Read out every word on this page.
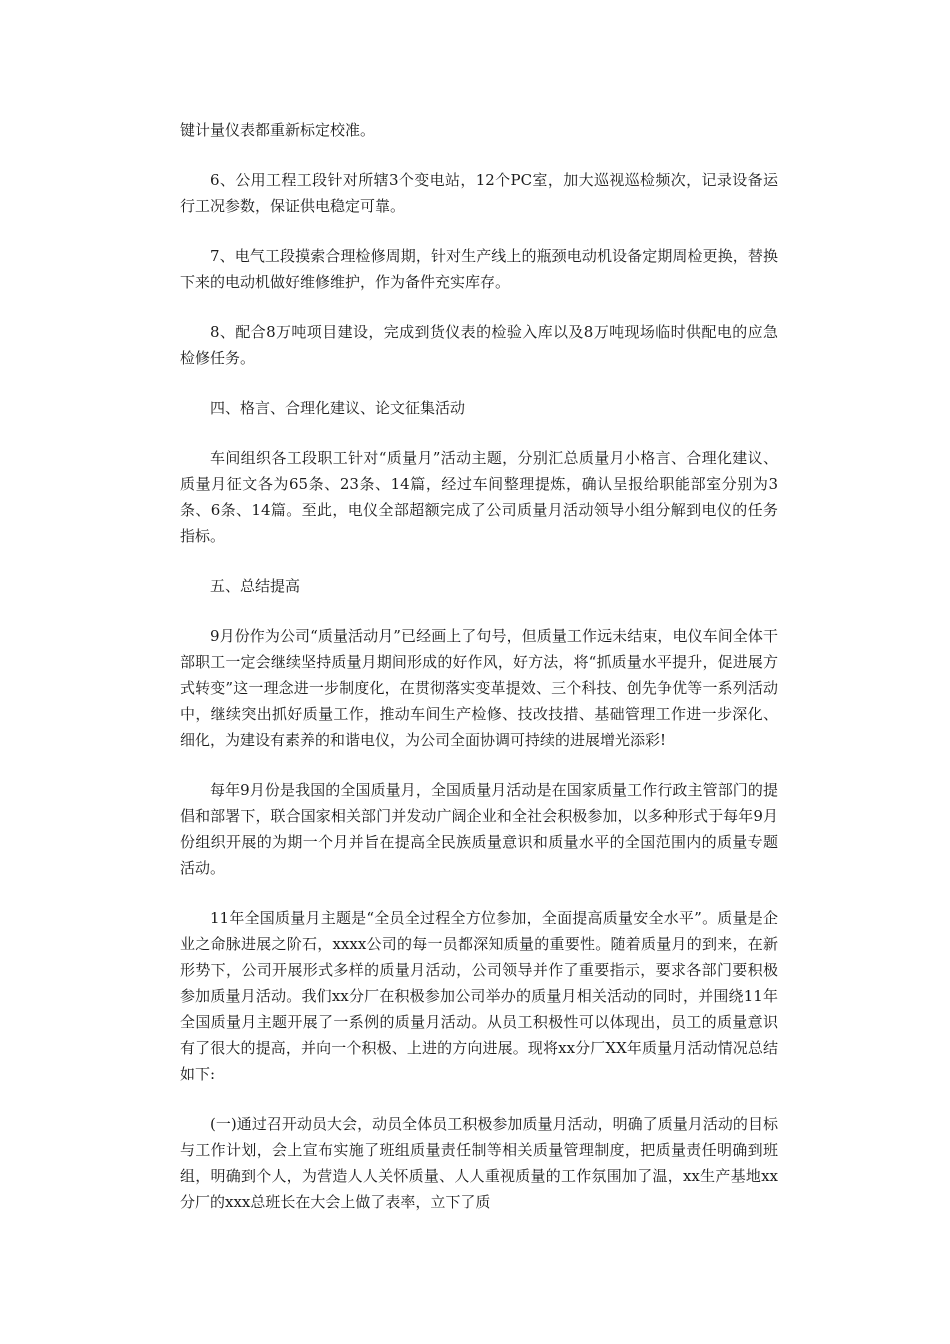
键计量仪表都重新标定校准。

6、公用工程工段针对所辖3个变电站，12个PC室，加大巡视巡检频次，记录设备运行工况参数，保证供电稳定可靠。

7、电气工段摸索合理检修周期，针对生产线上的瓶颈电动机设备定期周检更换，替换下来的电动机做好维修维护，作为备件充实库存。

8、配合8万吨项目建设，完成到货仪表的检验入库以及8万吨现场临时供配电的应急检修任务。

四、格言、合理化建议、论文征集活动

车间组织各工段职工针对“质量月”活动主题，分别汇总质量月小格言、合理化建议、质量月征文各为65条、23条、14篇，经过车间整理提炼，确认呈报给职能部室分别为3条、6条、14篇。至此，电仪全部超额完成了公司质量月活动领导小组分解到电仪的任务指标。

五、总结提高

9月份作为公司“质量活动月”已经画上了句号，但质量工作远未结束，电仪车间全体干部职工一定会继续坚持质量月期间形成的好作风，好方法，将“抓质量水平提升，促进展方式转变”这一理念进一步制度化，在贯彻落实变革提效、三个科技、创先争优等一系列活动中，继续突出抓好质量工作，推动车间生产检修、技改技措、基础管理工作进一步深化、细化，为建设有素养的和谐电仪，为公司全面协调可持续的进展增光添彩!

每年9月份是我国的全国质量月，全国质量月活动是在国家质量工作行政主管部门的提倡和部署下，联合国家相关部门并发动广阔企业和全社会积极参加，以多种形式于每年9月份组织开展的为期一个月并旨在提高全民族质量意识和质量水平的全国范围内的质量专题活动。

11年全国质量月主题是“全员全过程全方位参加，全面提高质量安全水平”。质量是企业之命脉进展之阶石，xxxx公司的每一员都深知质量的重要性。随着质量月的到来，在新形势下，公司开展形式多样的质量月活动，公司领导并作了重要指示，要求各部门要积极参加质量月活动。我们xx分厂在积极参加公司举办的质量月相关活动的同时，并围绕11年全国质量月主题开展了一系例的质量月活动。从员工积极性可以体现出，员工的质量意识有了很大的提高，并向一个积极、上进的方向进展。现将xx分厂XX年质量月活动情况总结如下:

(一)通过召开动员大会，动员全体员工积极参加质量月活动，明确了质量月活动的目标与工作计划，会上宣布实施了班组质量责任制等相关质量管理制度，把质量责任明确到班组，明确到个人，为营造人人关怀质量、人人重视质量的工作氛围加了温，xx生产基地xx分厂的xxx总班长在大会上做了表率，立下了质
